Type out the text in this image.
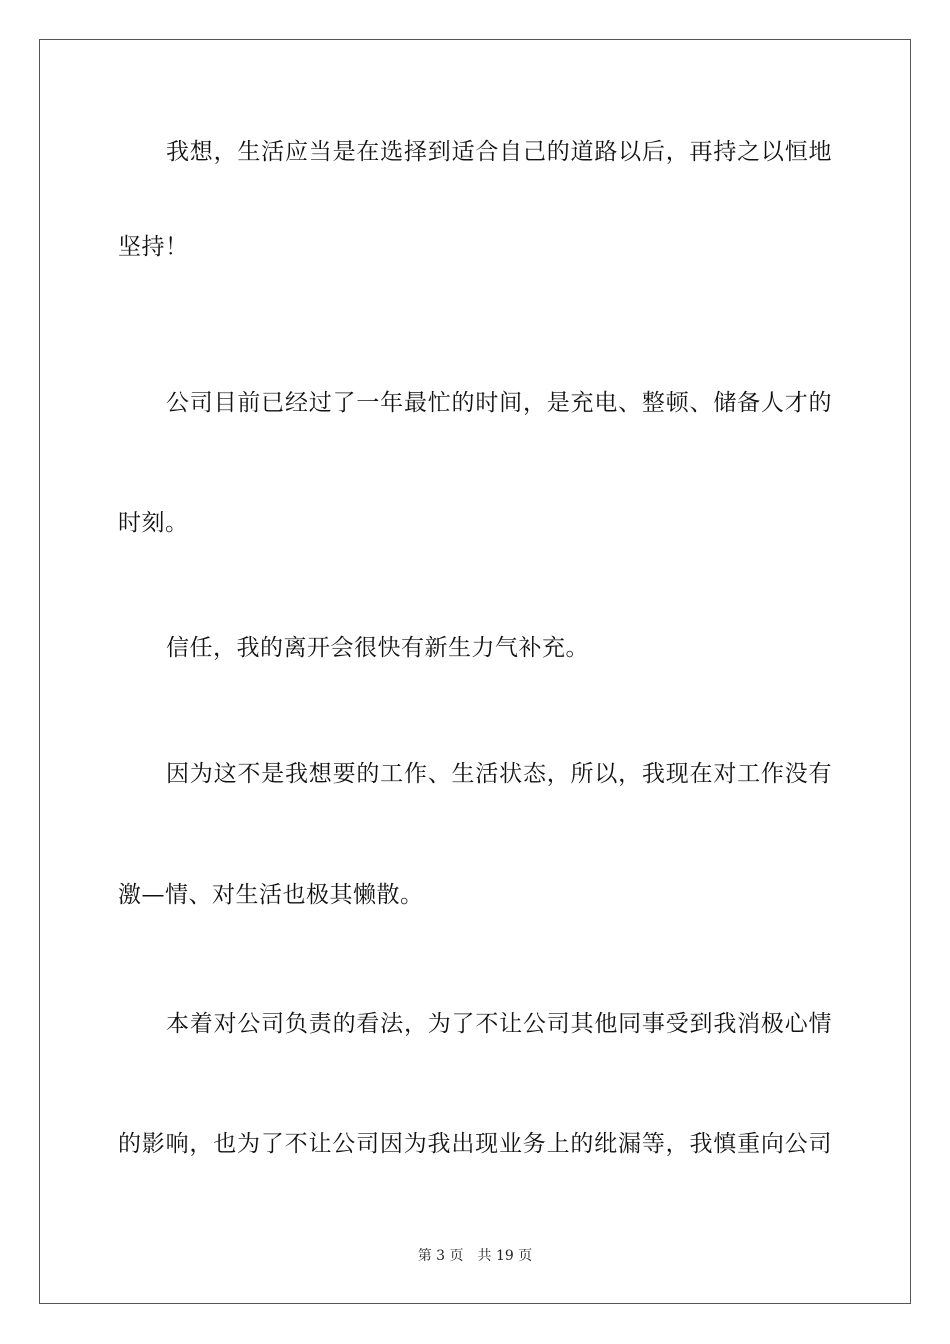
我想，生活应当是在选择到适合自己的道路以后，再持之以恒地
坚持！
公司目前已经过了一年最忙的时间，是充电、整顿、储备人才的
时刻。
信任，我的离开会很快有新生力气补充。
因为这不是我想要的工作、生活状态，所以，我现在对工作没有
激—情、对生活也极其懒散。
本着对公司负责的看法，为了不让公司其他同事受到我消极心情
的影响，也为了不让公司因为我出现业务上的纰漏等，我慎重向公司
第 3 页 共 19 页
